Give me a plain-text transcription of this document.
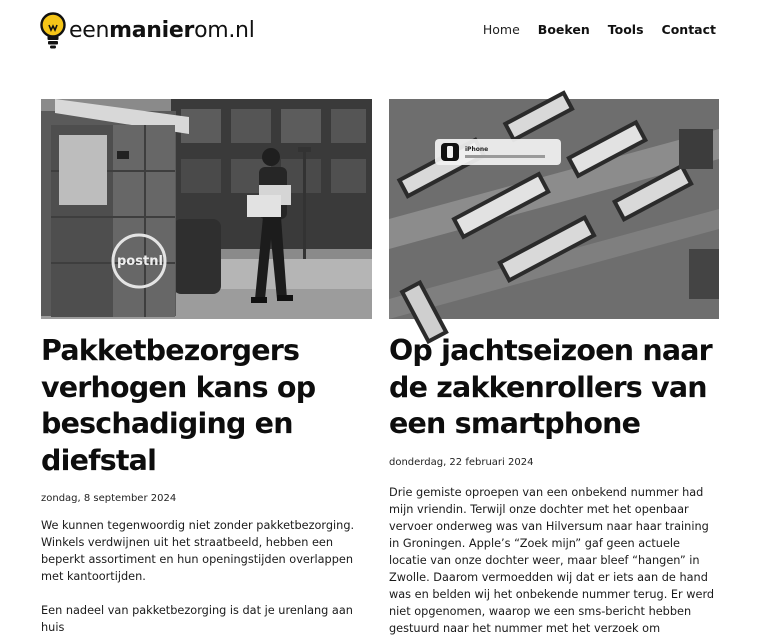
eenmanierom.nl	Home Boeken Tools Contact
postnl
Pakketbezorgers verhogen kans op beschadiging en diefstal
zondag, 8 september 2024

We kunnen tegenwoordig niet zonder pakketbezorging. Winkels verdwijnen uit het straatbeeld, hebben een beperkt assortiment en hun openingstijden overlappen met kantoortijden.

Een nadeel van pakketbezorging is dat je urenlang aan huis

iPhone
Op jachtseizoen naar de zakkenrollers van een smartphone
donderdag, 22 februari 2024

Drie gemiste oproepen van een onbekend nummer had mijn vriendin. Terwijl onze dochter met het openbaar vervoer onderweg was van Hilversum naar haar training in Groningen. Apple’s “Zoek mijn” gaf geen actuele locatie van onze dochter weer, maar bleef “hangen” in Zwolle. Daarom vermoedden wij dat er iets aan de hand was en belden wij het onbekende nummer terug. Er werd niet opgenomen, waarop we een sms-bericht hebben gestuurd naar het nummer met het verzoek om
